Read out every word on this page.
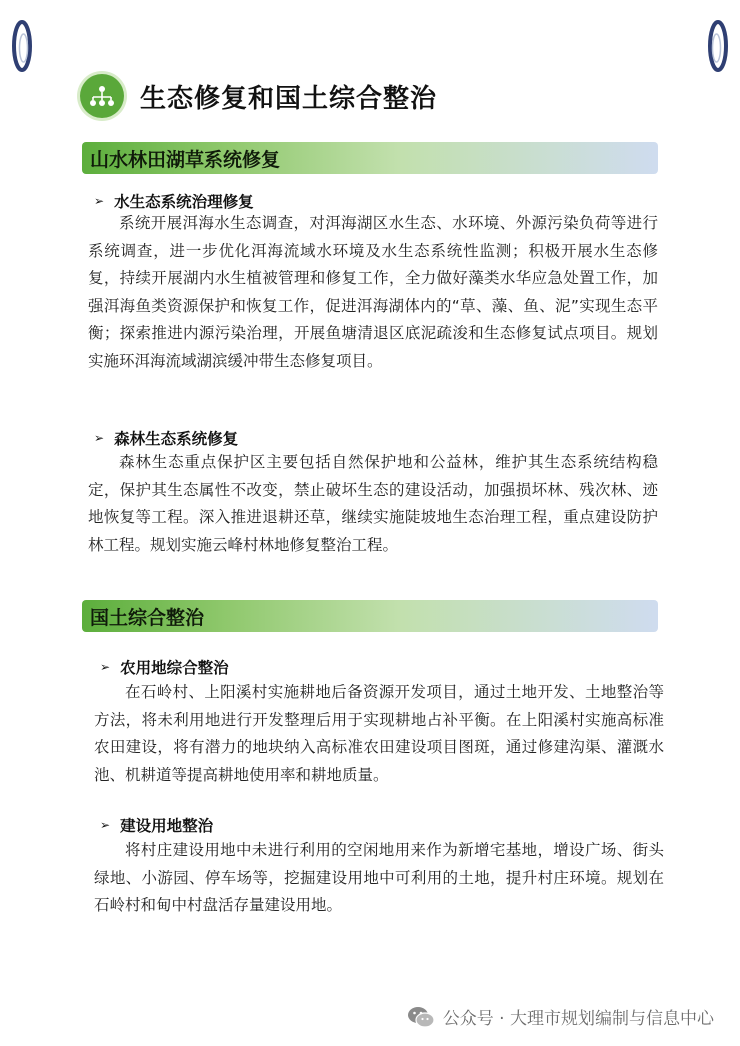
生态修复和国土综合整治
山水林田湖草系统修复
➢ 水生态系统治理修复
系统开展洱海水生态调查，对洱海湖区水生态、水环境、外源污染负荷等进行系统调查，进一步优化洱海流域水环境及水生态系统性监测；积极开展水生态修复，持续开展湖内水生植被管理和修复工作，全力做好藻类水华应急处置工作，加强洱海鱼类资源保护和恢复工作，促进洱海湖体内的“草、藻、鱼、泥”实现生态平衡；探索推进内源污染治理，开展鱼塘清退区底泥疏浚和生态修复试点项目。规划实施环洱海流域湖滨缓冲带生态修复项目。
➢ 森林生态系统修复
森林生态重点保护区主要包括自然保护地和公益林，维护其生态系统结构稳定，保护其生态属性不改变，禁止破坏生态的建设活动，加强损坏林、残次林、迹地恢复等工程。深入推进退耕还草，继续实施陡坡地生态治理工程，重点建设防护林工程。规划实施云峰村林地修复整治工程。
国土综合整治
➢ 农用地综合整治
在石岭村、上阳溪村实施耕地后备资源开发项目，通过土地开发、土地整治等方法，将未利用地进行开发整理后用于实现耕地占补平衡。在上阳溪村实施高标准农田建设，将有潜力的地块纳入高标准农田建设项目图斑，通过修建沟渠、灌溉水池、机耕道等提高耕地使用率和耕地质量。
➢ 建设用地整治
将村庄建设用地中未进行利用的空闲地用来作为新增宅基地，增设广场、街头绿地、小游园、停车场等，挖掘建设用地中可利用的土地，提升村庄环境。规划在石岭村和甸中村盘活存量建设用地。
公众号 · 大理市规划编制与信息中心
